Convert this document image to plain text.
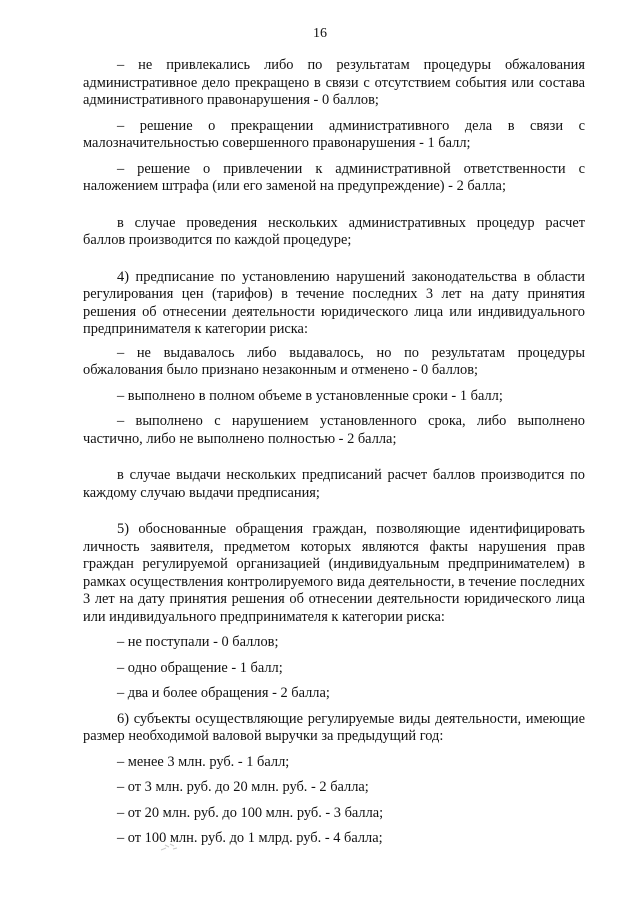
16

– не привлекались либо по результатам процедуры обжалования административное дело прекращено в связи с отсутствием события или состава административного правонарушения - 0 баллов;

– решение о прекращении административного дела в связи с малозначительностью совершенного правонарушения - 1 балл;

– решение о привлечении к административной ответственности с наложением штрафа (или его заменой на предупреждение) - 2 балла;

в случае проведения нескольких административных процедур расчет баллов производится по каждой процедуре;

4) предписание по установлению нарушений законодательства в области регулирования цен (тарифов) в течение последних 3 лет на дату принятия решения об отнесении деятельности юридического лица или индивидуального предпринимателя к категории риска:

– не выдавалось либо выдавалось, но по результатам процедуры обжалования было признано незаконным и отменено - 0 баллов;

– выполнено в полном объеме в установленные сроки - 1 балл;

– выполнено с нарушением установленного срока, либо выполнено частично, либо не выполнено полностью - 2 балла;

в случае выдачи нескольких предписаний расчет баллов производится по каждому случаю выдачи предписания;

5) обоснованные обращения граждан, позволяющие идентифицировать личность заявителя, предметом которых являются факты нарушения прав граждан регулируемой организацией (индивидуальным предпринимателем) в рамках осуществления контролируемого вида деятельности, в течение последних 3 лет на дату принятия решения об отнесении деятельности юридического лица или индивидуального предпринимателя к категории риска:

– не поступали - 0 баллов;

– одно обращение - 1 балл;

– два и более обращения - 2 балла;

6) субъекты осуществляющие регулируемые виды деятельности, имеющие размер необходимой валовой выручки за предыдущий год:

– менее 3 млн. руб. - 1 балл;

– от 3 млн. руб. до 20 млн. руб. - 2 балла;

– от 20 млн. руб. до 100 млн. руб. - 3 балла;

– от 100 млн. руб. до 1 млрд. руб. - 4 балла;
